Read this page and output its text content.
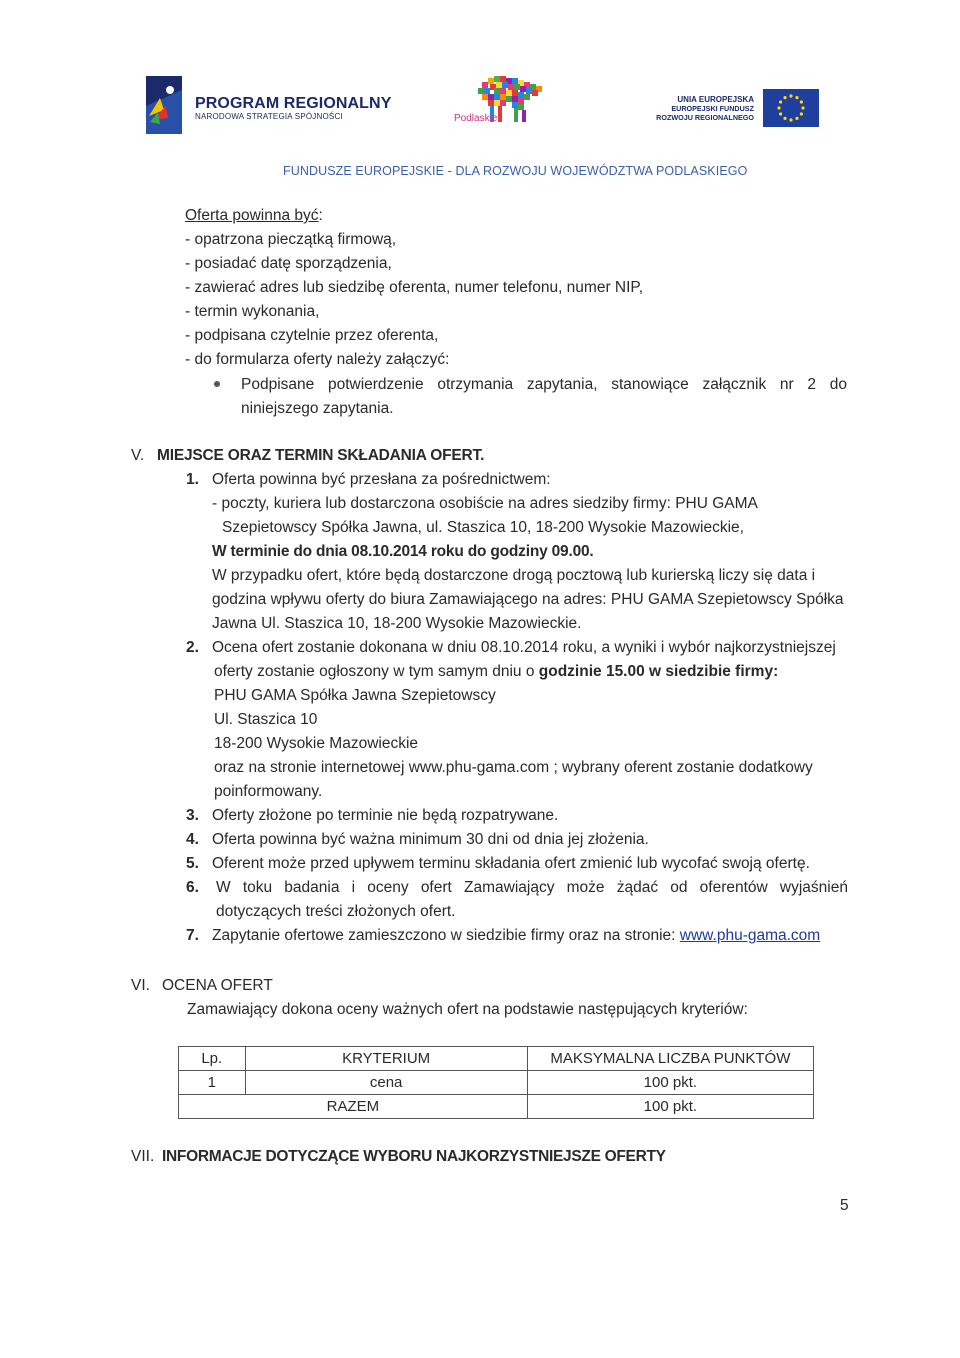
PROGRAM REGIONALNY
NARODOWA STRATEGIA SPÓJNOŚCI	Podlaskie
UNIA EUROPEJSKA
EUROPEJSKI FUNDUSZ
ROZWOJU REGIONALNEGO
FUNDUSZE EUROPEJSKIE - DLA ROZWOJU WOJEWÓDZTWA PODLASKIEGO
Oferta powinna być:
- opatrzona pieczątką firmową,
- posiadać datę sporządzenia,
- zawierać adres lub siedzibę oferenta, numer telefonu, numer NIP,
- termin wykonania,
- podpisana czytelnie przez oferenta,
- do formularza oferty należy załączyć:
Podpisane potwierdzenie otrzymania zapytania, stanowiące załącznik nr 2 do
niniejszego zapytania.
V. MIEJSCE ORAZ TERMIN SKŁADANIA OFERT.
1. Oferta powinna być przesłana za pośrednictwem:
- poczty, kuriera lub dostarczona osobiście na adres siedziby firmy: PHU GAMA
Szepietowscy Spółka Jawna, ul. Staszica 10, 18-200 Wysokie Mazowieckie,
W terminie do dnia 08.10.2014 roku do godziny 09.00.
W przypadku ofert, które będą dostarczone drogą pocztową lub kurierską liczy się data i
godzina wpływu oferty do biura Zamawiającego na adres: PHU GAMA Szepietowscy Spółka
Jawna Ul. Staszica 10, 18-200 Wysokie Mazowieckie.
2. Ocena ofert zostanie dokonana w dniu 08.10.2014 roku, a wyniki i wybór najkorzystniejszej
oferty zostanie ogłoszony w tym samym dniu o godzinie 15.00 w siedzibie firmy:
PHU GAMA Spółka Jawna Szepietowscy
Ul. Staszica 10
18-200 Wysokie Mazowieckie
oraz na stronie internetowej www.phu-gama.com ; wybrany oferent zostanie dodatkowy
poinformowany.
3. Oferty złożone po terminie nie będą rozpatrywane.
4. Oferta powinna być ważna minimum 30 dni od dnia jej złożenia.
5. Oferent może przed upływem terminu składania ofert zmienić lub wycofać swoją ofertę.
6. W toku badania i oceny ofert Zamawiający może żądać od oferentów wyjaśnień
dotyczących treści złożonych ofert.
7. Zapytanie ofertowe zamieszczono w siedzibie firmy oraz na stronie: www.phu-gama.com
VI. OCENA OFERT
Zamawiający dokona oceny ważnych ofert na podstawie następujących kryteriów:
Lp.	KRYTERIUM	MAKSYMALNA LICZBA PUNKTÓW
1	cena	100 pkt.
RAZEM		100 pkt.
VII. INFORMACJE DOTYCZĄCE WYBORU NAJKORZYSTNIEJSZE OFERTY
5
